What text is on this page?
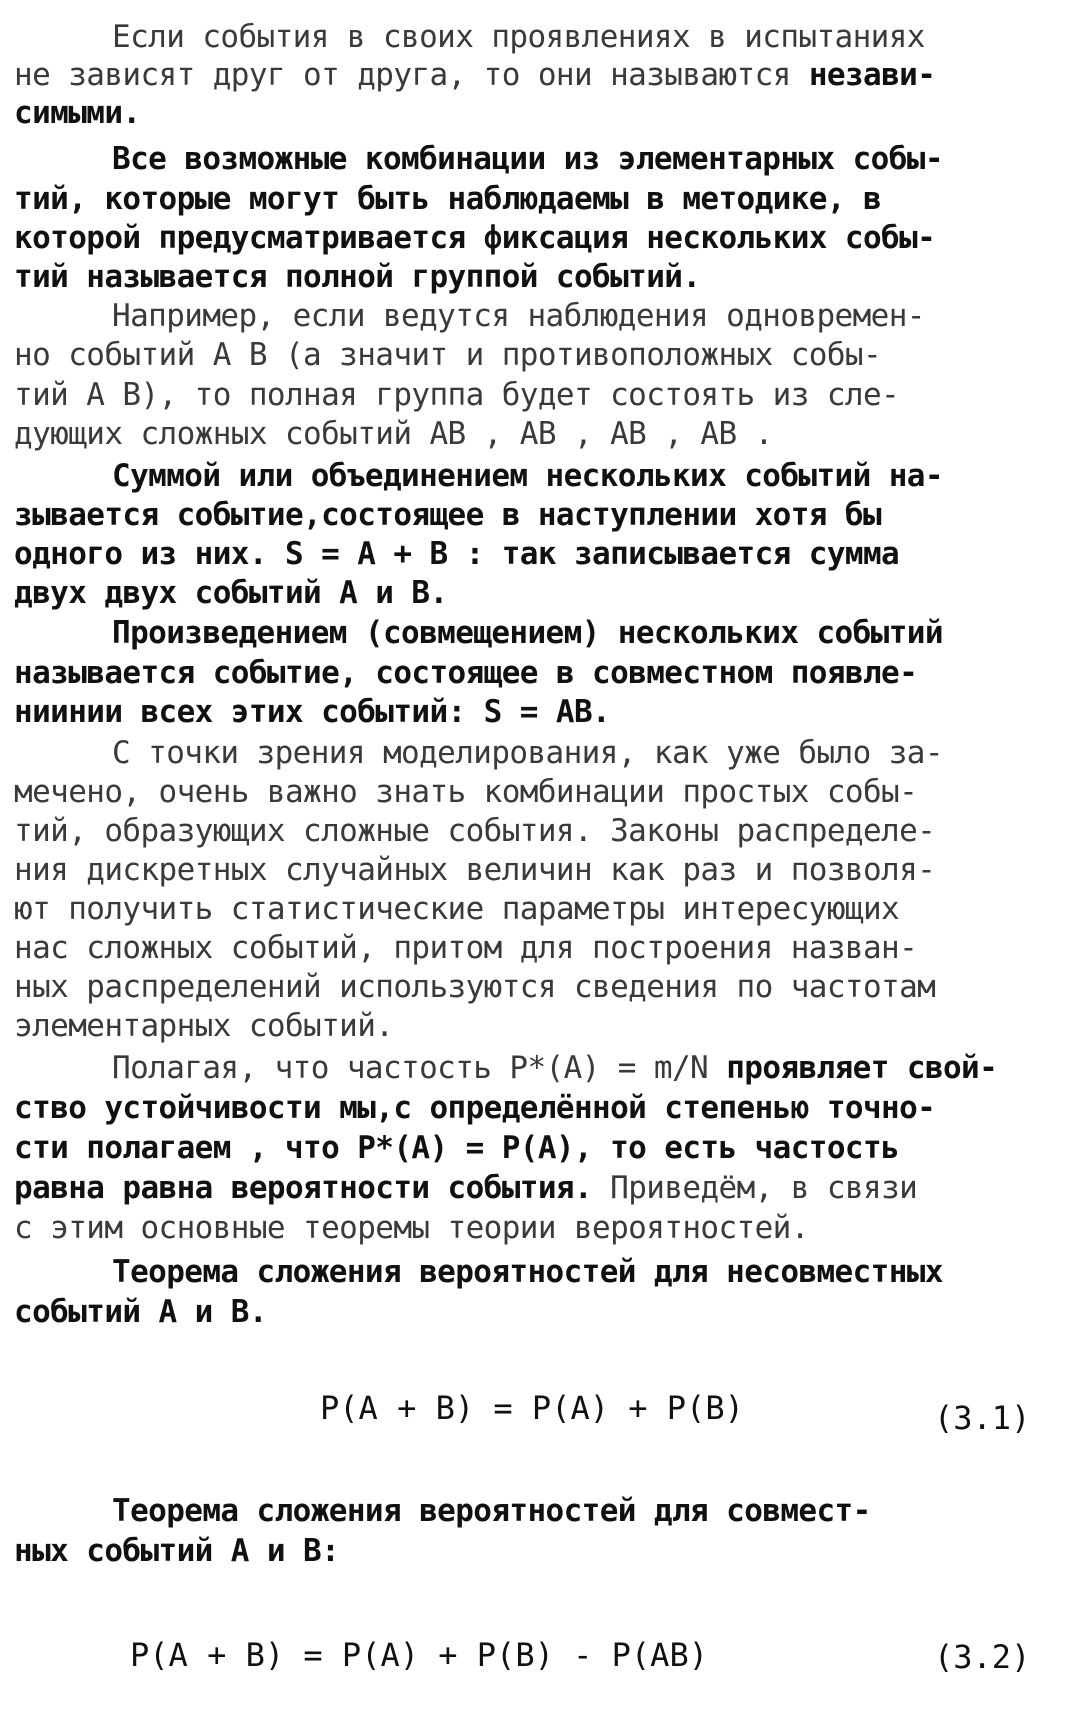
Если события в своих проявлениях в испытаниях
не зависят друг от друга, то они называются незави-
симыми.
Все возможные комбинации из элементарных собы-
тий, которые могут быть наблюдаемы в методике, в
которой предусматривается фиксация нескольких собы-
тий называется полной группой событий.
Например, если ведутся наблюдения одновремен-
но событий А В (а значит и противоположных собы-
тий A B), то полная группа будет состоять из сле-
дующих сложных событий АВ , АВ , АВ , АВ .
Суммой или объединением нескольких событий на-
зывается событие,состоящее в наступлении хотя бы
одного из них. S = А + В : так записывается сумма
двух двух событий А и В.
Произведением (совмещением) нескольких событий
называется событие, состоящее в совместном появле-
ниинии всех этих событий: S = АВ.
С точки зрения моделирования, как уже было за-
мечено, очень важно знать комбинации простых собы-
тий, образующих сложные события. Законы распределе-
ния дискретных случайных величин как раз и позволя-
ют получить статистические параметры интересующих
нас сложных событий, притом для построения назван-
ных распределений используются сведения по частотам
элементарных событий.
Полагая, что частость P*(A) = m/N проявляет свой-
ство устойчивости мы,с определённой степенью точно-
сти полагаем , что P*(A) = P(A), то есть частость
равна равна вероятности события. Приведём, в связи
с этим основные теоремы теории вероятностей.
Теорема сложения вероятностей для несовместных
событий А и В.
P(A + B) = P(A) + P(B)	(3.1)
Теорема сложения вероятностей для совмест-
ных событий А и В:
P(A + B) = P(A) + P(B) - P(AB)	(3.2)
